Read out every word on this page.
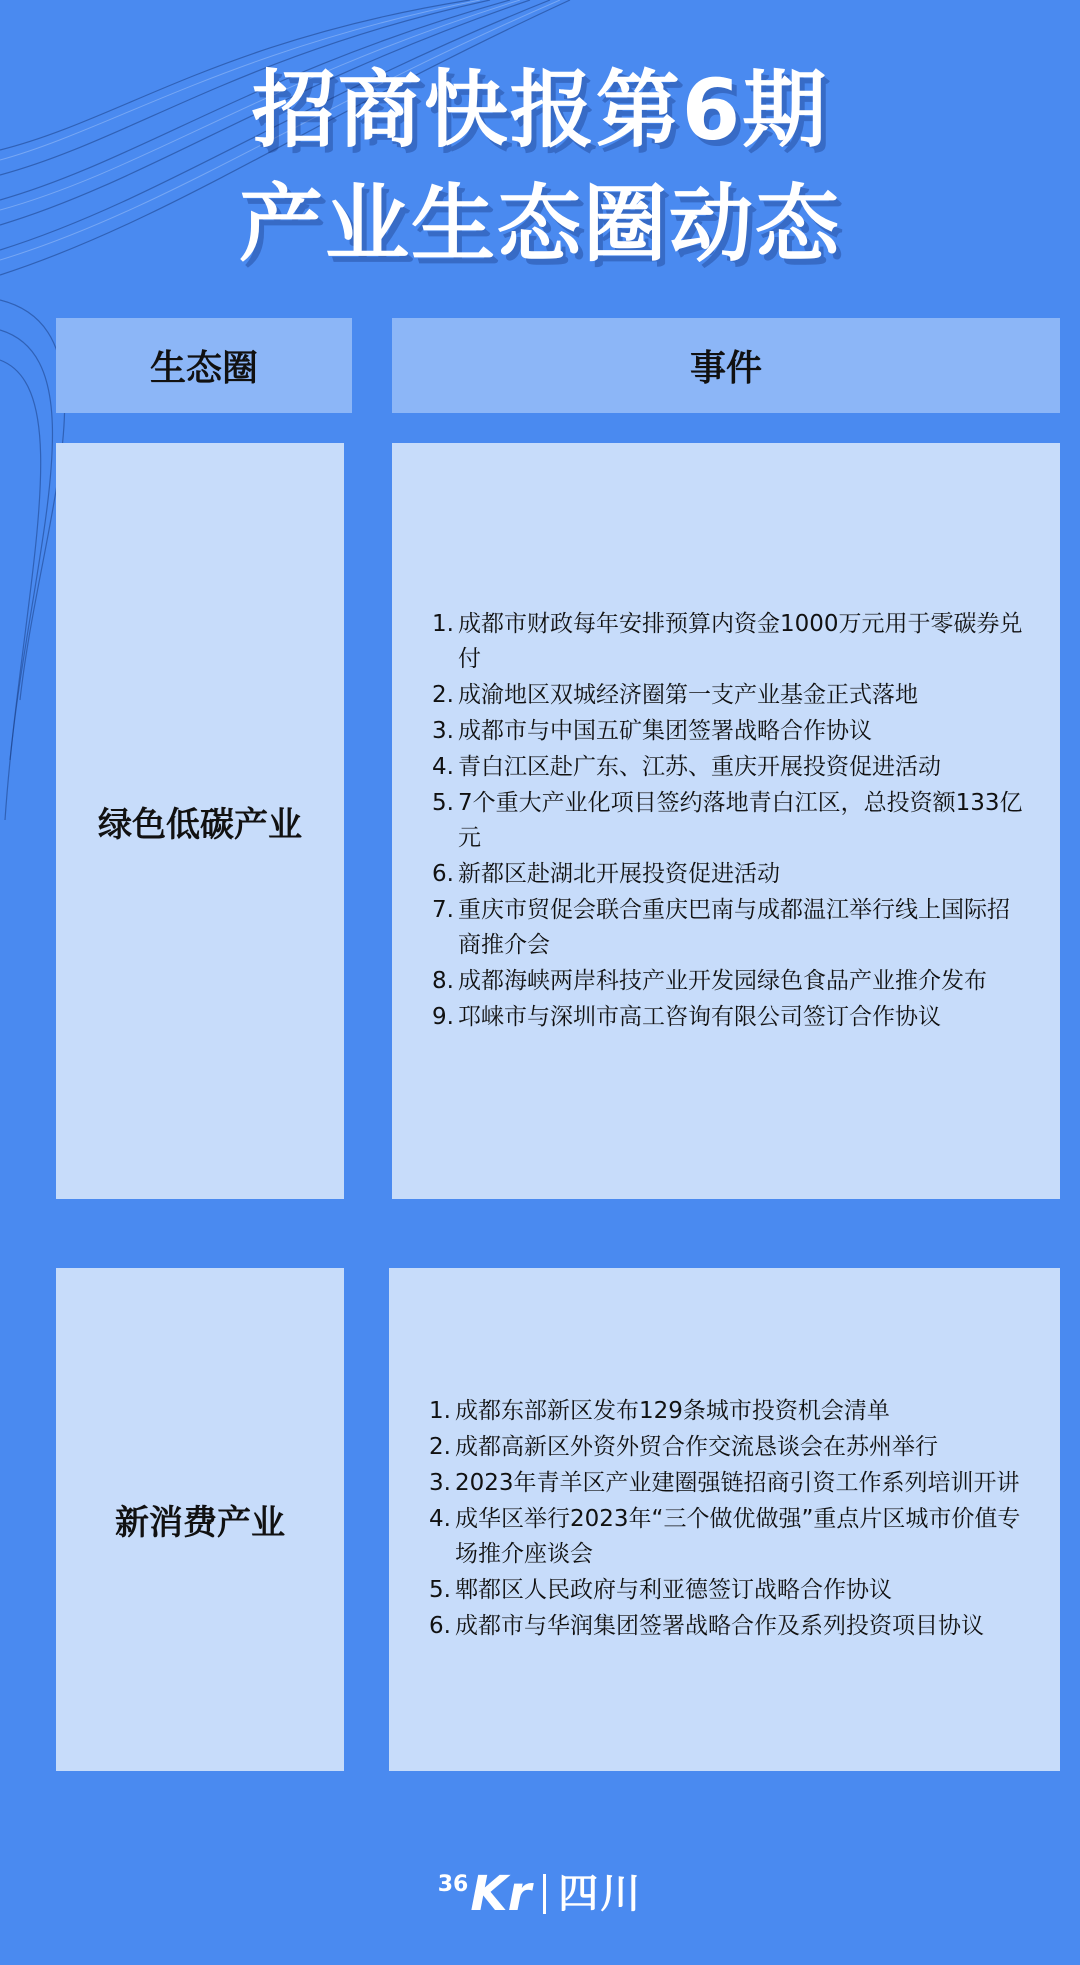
招商快报第6期
产业生态圈动态
生态圈	事件
绿色低碳产业
1. 成都市财政每年安排预算内资金1000万元用于零碳券兑付
2. 成渝地区双城经济圈第一支产业基金正式落地
3. 成都市与中国五矿集团签署战略合作协议
4. 青白江区赴广东、江苏、重庆开展投资促进活动
5. 7个重大产业化项目签约落地青白江区，总投资额133亿元
6. 新都区赴湖北开展投资促进活动
7. 重庆市贸促会联合重庆巴南与成都温江举行线上国际招商推介会
8. 成都海峡两岸科技产业开发园绿色食品产业推介发布
9. 邛崃市与深圳市高工咨询有限公司签订合作协议
新消费产业
1. 成都东部新区发布129条城市投资机会清单
2. 成都高新区外资外贸合作交流恳谈会在苏州举行
3. 2023年青羊区产业建圈强链招商引资工作系列培训开讲
4. 成华区举行2023年“三个做优做强”重点片区城市价值专场推介座谈会
5. 郫都区人民政府与利亚德签订战略合作协议
6. 成都市与华润集团签署战略合作及系列投资项目协议
36 Kr 四川
